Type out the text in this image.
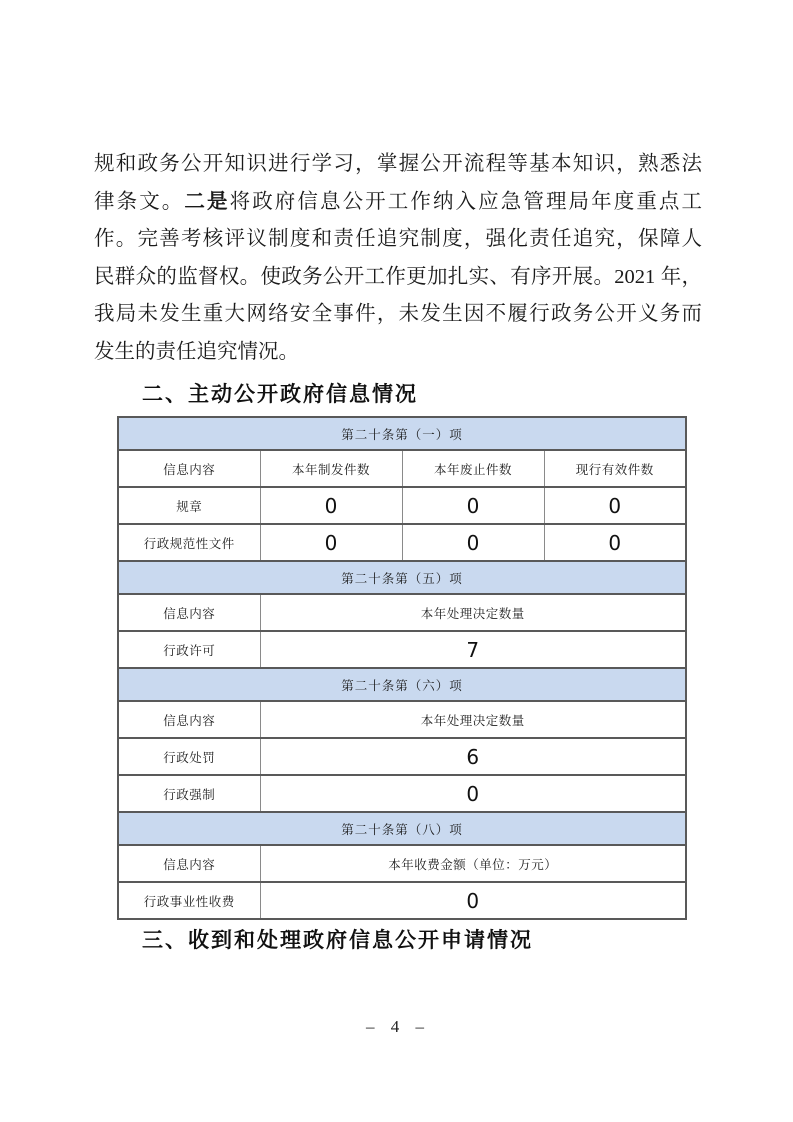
规和政务公开知识进行学习，掌握公开流程等基本知识，熟悉法

律条文。二是将政府信息公开工作纳入应急管理局年度重点工

作。完善考核评议制度和责任追究制度，强化责任追究，保障人

民群众的监督权。使政务公开工作更加扎实、有序开展。2021 年，

我局未发生重大网络安全事件，未发生因不履行政务公开义务而

发生的责任追究情况。

二、主动公开政府信息情况
第二十条第（一）项			
信息内容	本年制发件数	本年废止件数	现行有效件数
规章	0	0	0
行政规范性文件	0	0	0
第二十条第（五）项			
信息内容	本年处理决定数量		
行政许可	7		
第二十条第（六）项			
信息内容	本年处理决定数量		
行政处罚	6		
行政强制	0		
第二十条第（八）项			
信息内容	本年收费金额（单位：万元）		
行政事业性收费	0		
三、收到和处理政府信息公开申请情况
– 4 –
